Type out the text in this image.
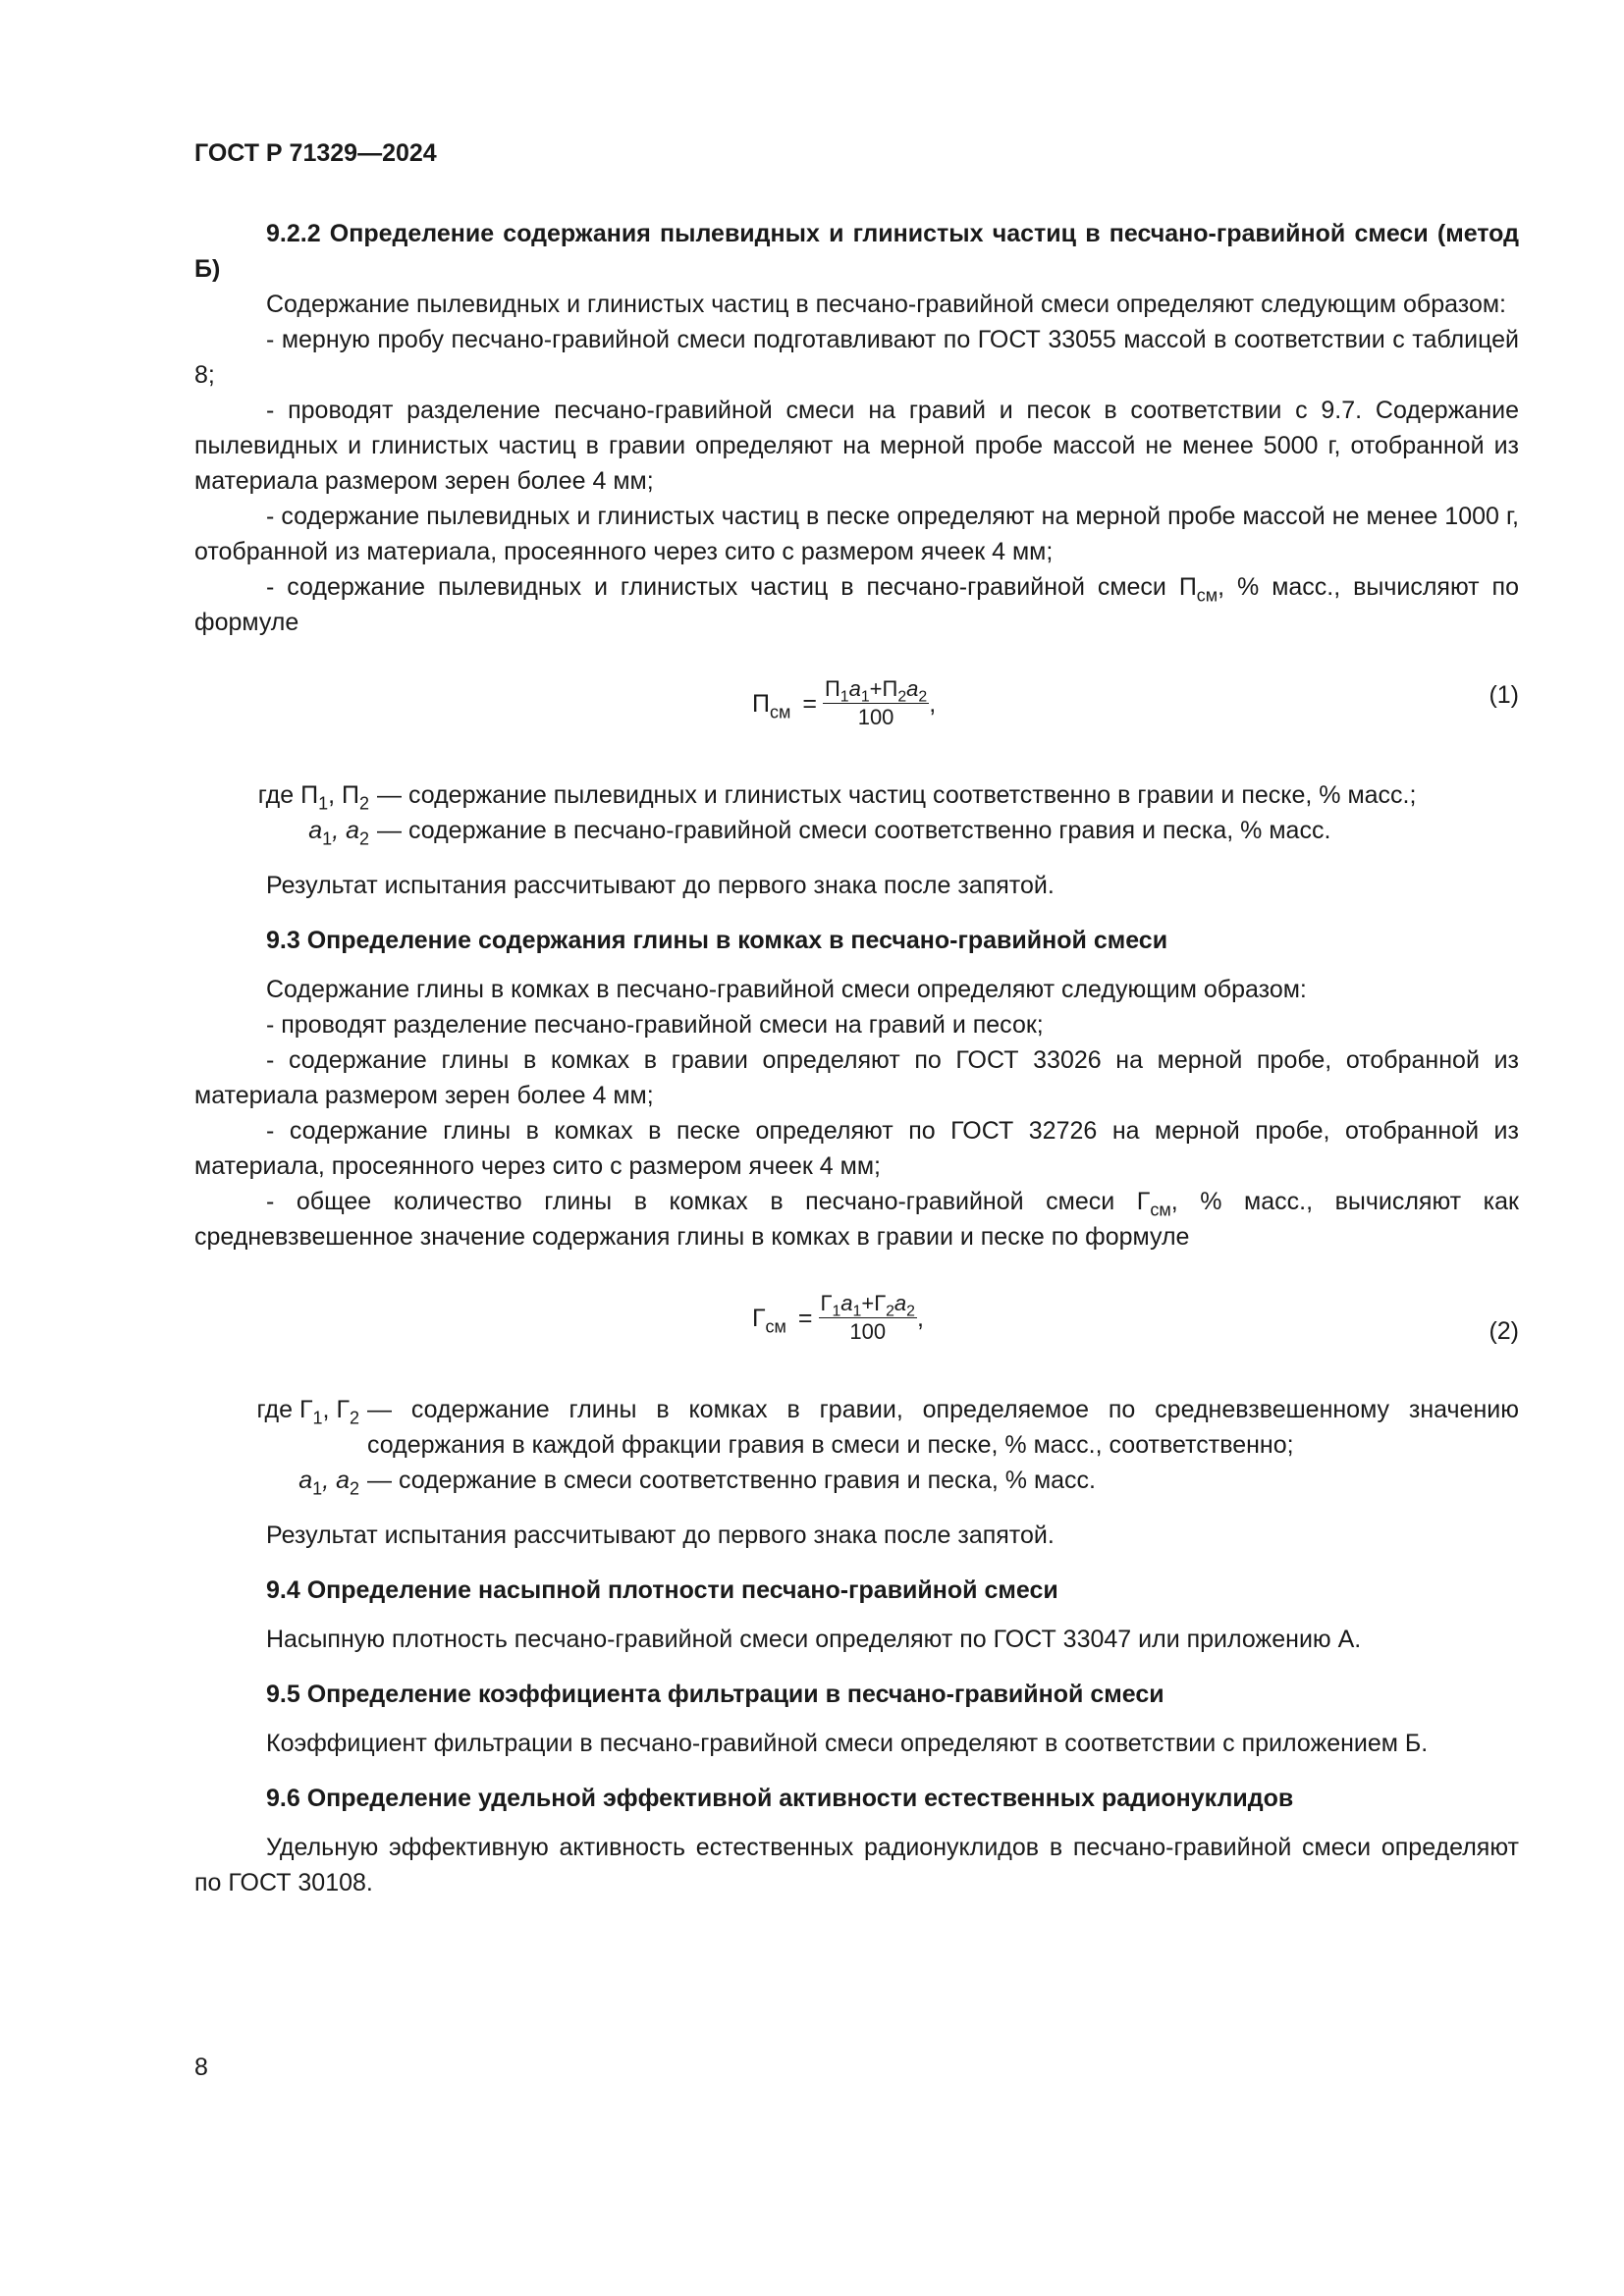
ГОСТ Р 71329—2024

9.2.2 Определение содержания пылевидных и глинистых частиц в песчано-гравийной смеси (метод Б)

Содержание пылевидных и глинистых частиц в песчано-гравийной смеси определяют следующим образом:

- мерную пробу песчано-гравийной смеси подготавливают по ГОСТ 33055 массой в соответствии с таблицей 8;

- проводят разделение песчано-гравийной смеси на гравий и песок в соответствии с 9.7. Содержание пылевидных и глинистых частиц в гравии определяют на мерной пробе массой не менее 5000 г, отобранной из материала размером зерен более 4 мм;

- содержание пылевидных и глинистых частиц в песке определяют на мерной пробе массой не менее 1000 г, отобранной из материала, просеянного через сито с размером ячеек 4 мм;

- содержание пылевидных и глинистых частиц в песчано-гравийной смеси $П_{см}$, % масс., вычисляют по формуле

$П_{см} = \frac{П_1a_1+П_2a_2}{100}$ ,	(1)
где $П_1$, $П_2$ — содержание пылевидных и глинистых частиц соответственно в гравии и песке, % масс.;
$a_1$, $a_2$ — содержание в песчано-гравийной смеси соответственно гравия и песка, % масс.

Результат испытания рассчитывают до первого знака после запятой.

9.3 Определение содержания глины в комках в песчано-гравийной смеси

Содержание глины в комках в песчано-гравийной смеси определяют следующим образом:

- проводят разделение песчано-гравийной смеси на гравий и песок;

- содержание глины в комках в гравии определяют по ГОСТ 33026 на мерной пробе, отобранной из материала размером зерен более 4 мм;

- содержание глины в комках в песке определяют по ГОСТ 32726 на мерной пробе, отобранной из материала, просеянного через сито с размером ячеек 4 мм;

- общее количество глины в комках в песчано-гравийной смеси $Г_{см}$, % масс., вычисляют как средневзвешенное значение содержания глины в комках в гравии и песке по формуле

$Г_{см} = \frac{Г_1a_1+Г_2a_2}{100}$ ,	(2)
где $Г_1$, $Г_2$ — содержание глины в комках в гравии, определяемое по средневзвешенному значению содержания в каждой фракции гравия в смеси и песке, % масс., соответственно;
$a_1$, $a_2$ — содержание в смеси соответственно гравия и песка, % масс.

Результат испытания рассчитывают до первого знака после запятой.

9.4 Определение насыпной плотности песчано-гравийной смеси

Насыпную плотность песчано-гравийной смеси определяют по ГОСТ 33047 или приложению А.

9.5 Определение коэффициента фильтрации в песчано-гравийной смеси

Коэффициент фильтрации в песчано-гравийной смеси определяют в соответствии с приложением Б.

9.6 Определение удельной эффективной активности естественных радионуклидов

Удельную эффективную активность естественных радионуклидов в песчано-гравийной смеси определяют по ГОСТ 30108.

8
